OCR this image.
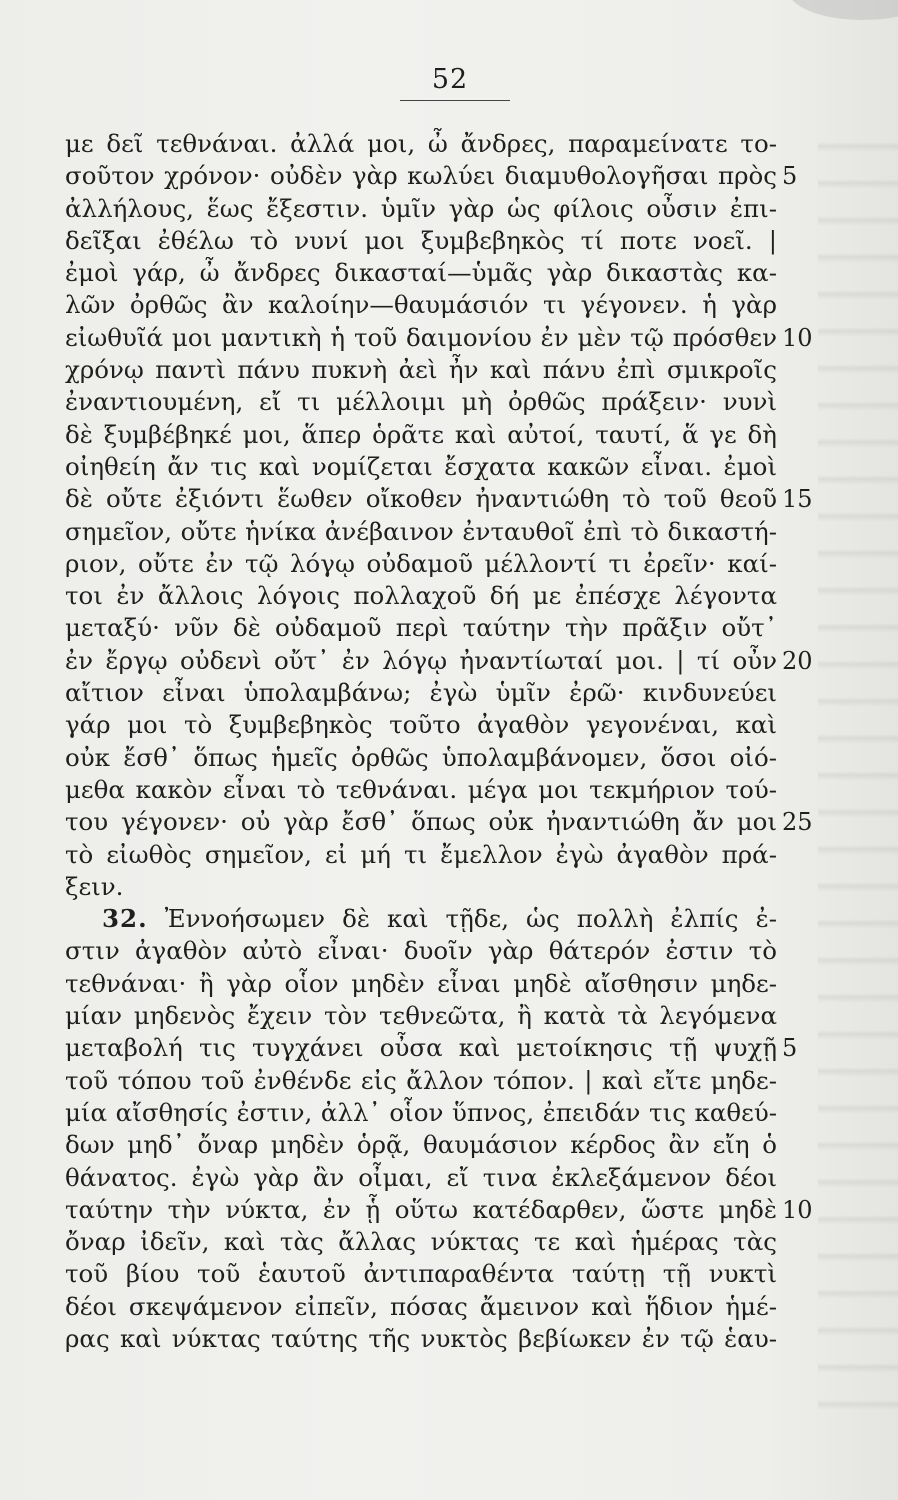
52
με δεῖ τεθνάναι. ἀλλά μοι, ὦ ἄνδρες, παραμείνατε το-
σοῦτον χρόνον· οὐδὲν γὰρ κωλύει διαμυθολογῆσαι πρὸς 5
ἀλλήλους, ἕως ἔξεστιν. ὑμῖν γὰρ ὡς φίλοις οὖσιν ἐπι-
δεῖξαι ἐθέλω τὸ νυνί μοι ξυμβεβηκὸς τί ποτε νοεῖ. |
ἐμοὶ γάρ, ὦ ἄνδρες δικασταί—ὑμᾶς γὰρ δικαστὰς κα-
λῶν ὀρθῶς ἂν καλοίην—θαυμάσιόν τι γέγονεν. ἡ γὰρ
εἰωθυῖά μοι μαντικὴ ἡ τοῦ δαιμονίου ἐν μὲν τῷ πρόσθεν 10
χρόνῳ παντὶ πάνυ πυκνὴ ἀεὶ ἦν καὶ πάνυ ἐπὶ σμικροῖς
ἐναντιουμένη, εἴ τι μέλλοιμι μὴ ὀρθῶς πράξειν· νυνὶ
δὲ ξυμβέβηκέ μοι, ἅπερ ὁρᾶτε καὶ αὐτοί, ταυτί, ἅ γε δὴ
οἰηθείη ἄν τις καὶ νομίζεται ἔσχατα κακῶν εἶναι. ἐμοὶ
δὲ οὔτε ἐξιόντι ἕωθεν οἴκοθεν ἠναντιώθη τὸ τοῦ θεοῦ 15
σημεῖον, οὔτε ἡνίκα ἀνέβαινον ἐνταυθοῖ ἐπὶ τὸ δικαστή-
ριον, οὔτε ἐν τῷ λόγῳ οὐδαμοῦ μέλλοντί τι ἐρεῖν· καί-
τοι ἐν ἄλλοις λόγοις πολλαχοῦ δή με ἐπέσχε λέγοντα
μεταξύ· νῦν δὲ οὐδαμοῦ περὶ ταύτην τὴν πρᾶξιν οὔτ᾽
ἐν ἔργῳ οὐδενὶ οὔτ᾽ ἐν λόγῳ ἠναντίωταί μοι. | τί οὖν 20
αἴτιον εἶναι ὑπολαμβάνω; ἐγὼ ὑμῖν ἐρῶ· κινδυνεύει
γάρ μοι τὸ ξυμβεβηκὸς τοῦτο ἀγαθὸν γεγονέναι, καὶ
οὐκ ἔσθ᾽ ὅπως ἡμεῖς ὀρθῶς ὑπολαμβάνομεν, ὅσοι οἰό-
μεθα κακὸν εἶναι τὸ τεθνάναι. μέγα μοι τεκμήριον τού-
του γέγονεν· οὐ γὰρ ἔσθ᾽ ὅπως οὐκ ἠναντιώθη ἄν μοι 25
τὸ εἰωθὸς σημεῖον, εἰ μή τι ἔμελλον ἐγὼ ἀγαθὸν πρά-
ξειν.
32. Ἐννοήσωμεν δὲ καὶ τῇδε, ὡς πολλὴ ἐλπίς ἐ-
στιν ἀγαθὸν αὐτὸ εἶναι· δυοῖν γὰρ θάτερόν ἐστιν τὸ
τεθνάναι· ἢ γὰρ οἷον μηδὲν εἶναι μηδὲ αἴσθησιν μηδε-
μίαν μηδενὸς ἔχειν τὸν τεθνεῶτα, ἢ κατὰ τὰ λεγόμενα
μεταβολή τις τυγχάνει οὖσα καὶ μετοίκησις τῇ ψυχῇ 5
τοῦ τόπου τοῦ ἐνθένδε εἰς ἄλλον τόπον. | καὶ εἴτε μηδε-
μία αἴσθησίς ἐστιν, ἀλλ᾽ οἷον ὕπνος, ἐπειδάν τις καθεύ-
δων μηδ᾽ ὄναρ μηδὲν ὁρᾷ, θαυμάσιον κέρδος ἂν εἴη ὁ
θάνατος. ἐγὼ γὰρ ἂν οἶμαι, εἴ τινα ἐκλεξάμενον δέοι
ταύτην τὴν νύκτα, ἐν ᾗ οὕτω κατέδαρθεν, ὥστε μηδὲ 10
ὄναρ ἰδεῖν, καὶ τὰς ἄλλας νύκτας τε καὶ ἡμέρας τὰς
τοῦ βίου τοῦ ἑαυτοῦ ἀντιπαραθέντα ταύτῃ τῇ νυκτὶ
δέοι σκεψάμενον εἰπεῖν, πόσας ἄμεινον καὶ ἥδιον ἡμέ-
ρας καὶ νύκτας ταύτης τῆς νυκτὸς βεβίωκεν ἐν τῷ ἑαυ-
